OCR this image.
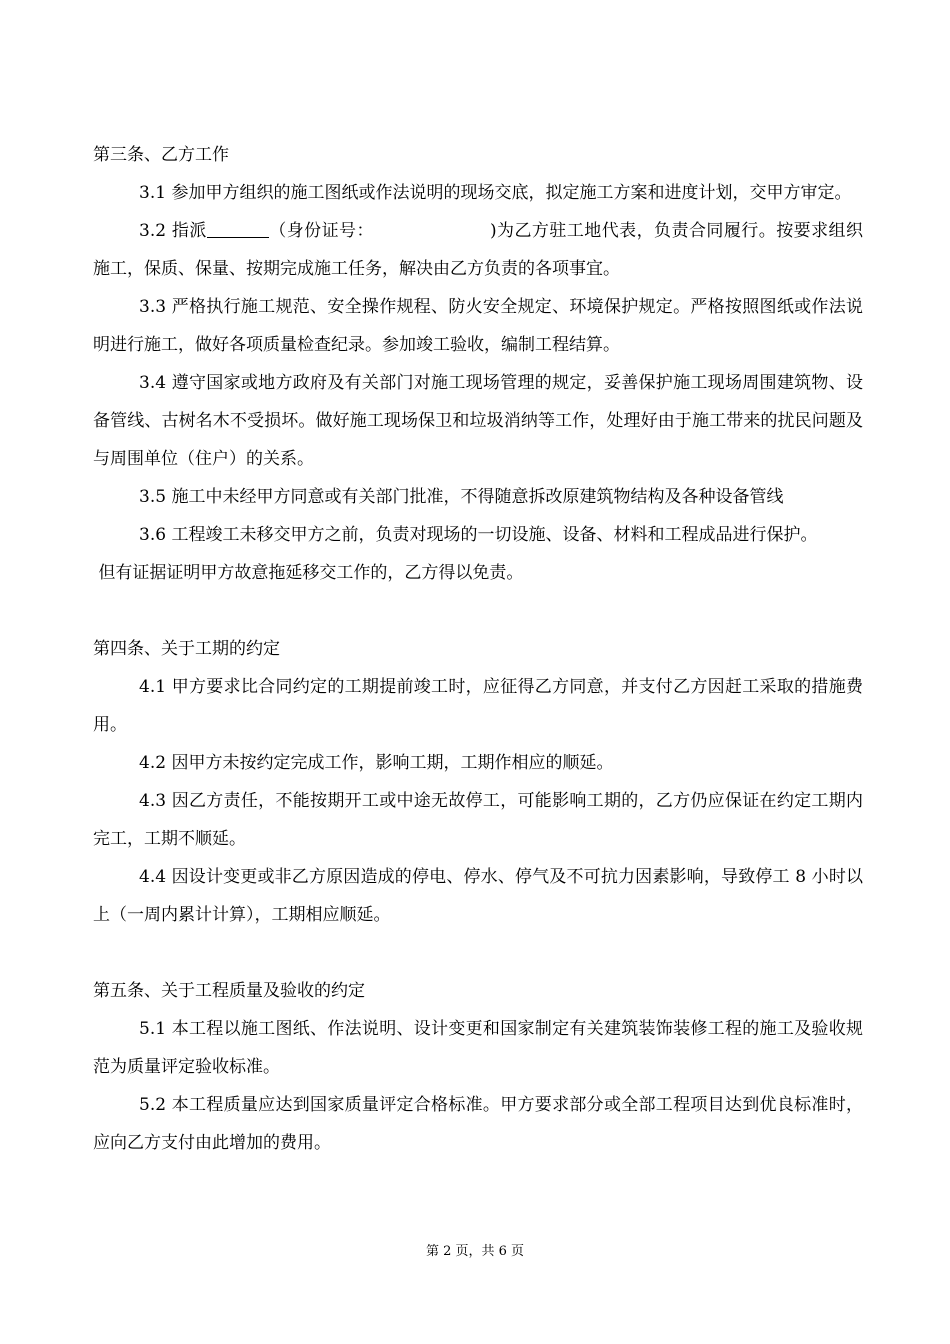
第三条、乙方工作

3.1 参加甲方组织的施工图纸或作法说明的现场交底，拟定施工方案和进度计划，交甲方审定。

3.2 指派	（身份证号：	)为乙方驻工地代表，负责合同履行。按要求组织施工，保质、保量、按期完成施工任务，解决由乙方负责的各项事宜。

3.3 严格执行施工规范、安全操作规程、防火安全规定、环境保护规定。严格按照图纸或作法说明进行施工，做好各项质量检查纪录。参加竣工验收，编制工程结算。

3.4 遵守国家或地方政府及有关部门对施工现场管理的规定，妥善保护施工现场周围建筑物、设备管线、古树名木不受损坏。做好施工现场保卫和垃圾消纳等工作，处理好由于施工带来的扰民问题及与周围单位（住户）的关系。

3.5 施工中未经甲方同意或有关部门批准，不得随意拆改原建筑物结构及各种设备管线

3.6 工程竣工未移交甲方之前，负责对现场的一切设施、设备、材料和工程成品进行保护。

但有证据证明甲方故意拖延移交工作的，乙方得以免责。

第四条、关于工期的约定

4.1 甲方要求比合同约定的工期提前竣工时，应征得乙方同意，并支付乙方因赶工采取的措施费用。

4.2 因甲方未按约定完成工作，影响工期，工期作相应的顺延。

4.3 因乙方责任，不能按期开工或中途无故停工，可能影响工期的，乙方仍应保证在约定工期内完工，工期不顺延。

4.4 因设计变更或非乙方原因造成的停电、停水、停气及不可抗力因素影响，导致停工 8 小时以上（一周内累计计算），工期相应顺延。

第五条、关于工程质量及验收的约定

5.1 本工程以施工图纸、作法说明、设计变更和国家制定有关建筑装饰装修工程的施工及验收规范为质量评定验收标准。

5.2 本工程质量应达到国家质量评定合格标准。甲方要求部分或全部工程项目达到优良标准时，应向乙方支付由此增加的费用。

第 2 页，共 6 页
